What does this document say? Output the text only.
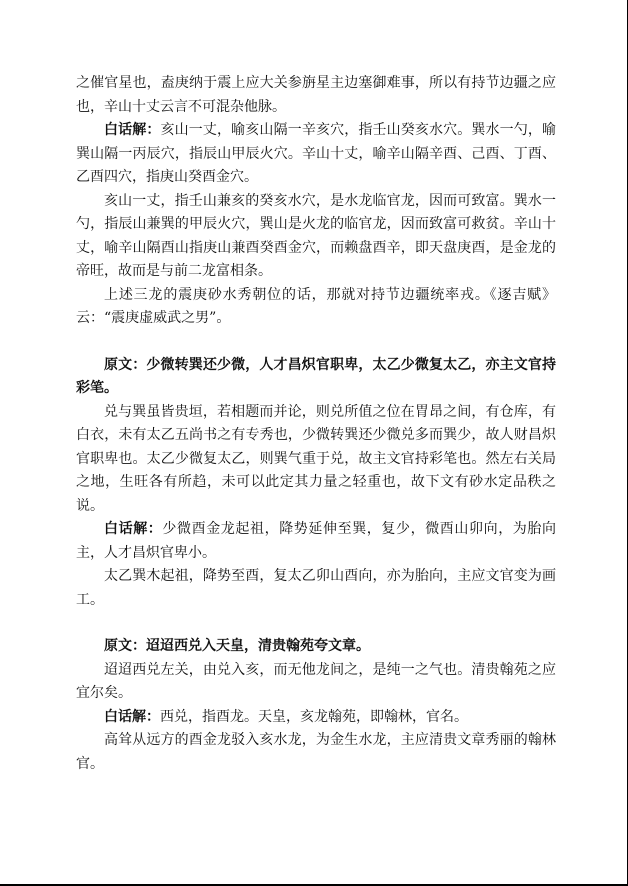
之催官星也，盍庚纳于震上应大关参旃星主边塞御难事，所以有持节边疆之应也，辛山十丈云言不可混杂他脉。

白话解：亥山一丈，喻亥山隔一辛亥穴，指壬山癸亥水穴。巽水一勺，喻巽山隔一丙辰穴，指辰山甲辰火穴。辛山十丈，喻辛山隔辛酉、己酉、丁酉、乙酉四穴，指庚山癸酉金穴。

亥山一丈，指壬山兼亥的癸亥水穴，是水龙临官龙，因而可致富。巽水一勺，指辰山兼巽的甲辰火穴，巽山是火龙的临官龙，因而致富可救贫。辛山十丈，喻辛山隔酉山指庚山兼酉癸酉金穴，而赖盘酉辛，即天盘庚酉，是金龙的帝旺，故而是与前二龙富相条。

上述三龙的震庚砂水秀朝位的话，那就对持节边疆统率戎。《逐吉赋》云：“震庚虚威武之男”。

原文：少微转巽还少微，人才昌炽官职卑，太乙少微复太乙，亦主文官持彩笔。

兑与巽虽皆贵垣，若相题而并论，则兑所值之位在胃昂之间，有仓库，有白衣，未有太乙五尚书之有专秀也，少微转巽还少微兑多而巽少，故人财昌炽官职卑也。太乙少微复太乙，则巽气重于兑，故主文官持彩笔也。然左右关局之地，生旺各有所趋，未可以此定其力量之轻重也，故下文有砂水定品秩之说。

白话解：少微酉金龙起祖，降势延伸至巽，复少，微酉山卯向，为胎向主，人才昌炽官卑小。

太乙巽木起祖，降势至酉，复太乙卯山酉向，亦为胎向，主应文官变为画工。

原文：迢迢西兑入天皇，清贵翰苑夸文章。

迢迢西兑左关，由兑入亥，而无他龙间之，是纯一之气也。清贵翰苑之应宜尔矣。

白话解：西兑，指酉龙。天皇，亥龙翰苑，即翰林，官名。

高耸从远方的酉金龙驳入亥水龙，为金生水龙，主应清贵文章秀丽的翰林官。
